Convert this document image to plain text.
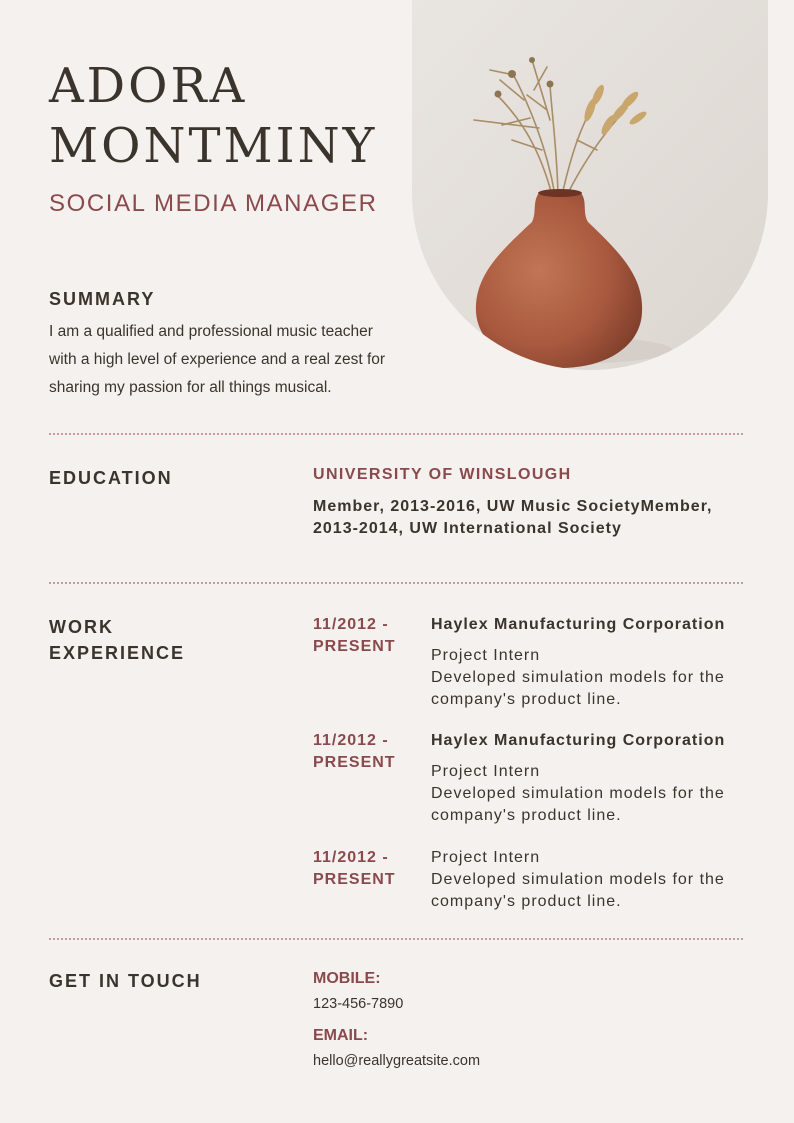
ADORA
MONTMINY
SOCIAL MEDIA MANAGER
SUMMARY
I am a qualified and professional music teacher with a high level of experience and a real zest for sharing my passion for all things musical.
EDUCATION	UNIVERSITY OF WINSLOUGH
Member, 2013-2016, UW Music SocietyMember, 2013-2014, UW International Society
WORK
EXPERIENCE
11/2012 -
PRESENT
Haylex Manufacturing Corporation
Project Intern
Developed simulation models for the company's product line.
11/2012 -
PRESENT
Haylex Manufacturing Corporation
Project Intern
Developed simulation models for the company's product line.
11/2012 -
PRESENT
Project Intern
Developed simulation models for the company's product line.
GET IN TOUCH	MOBILE:
123-456-7890
EMAIL:
hello@reallygreatsite.com
